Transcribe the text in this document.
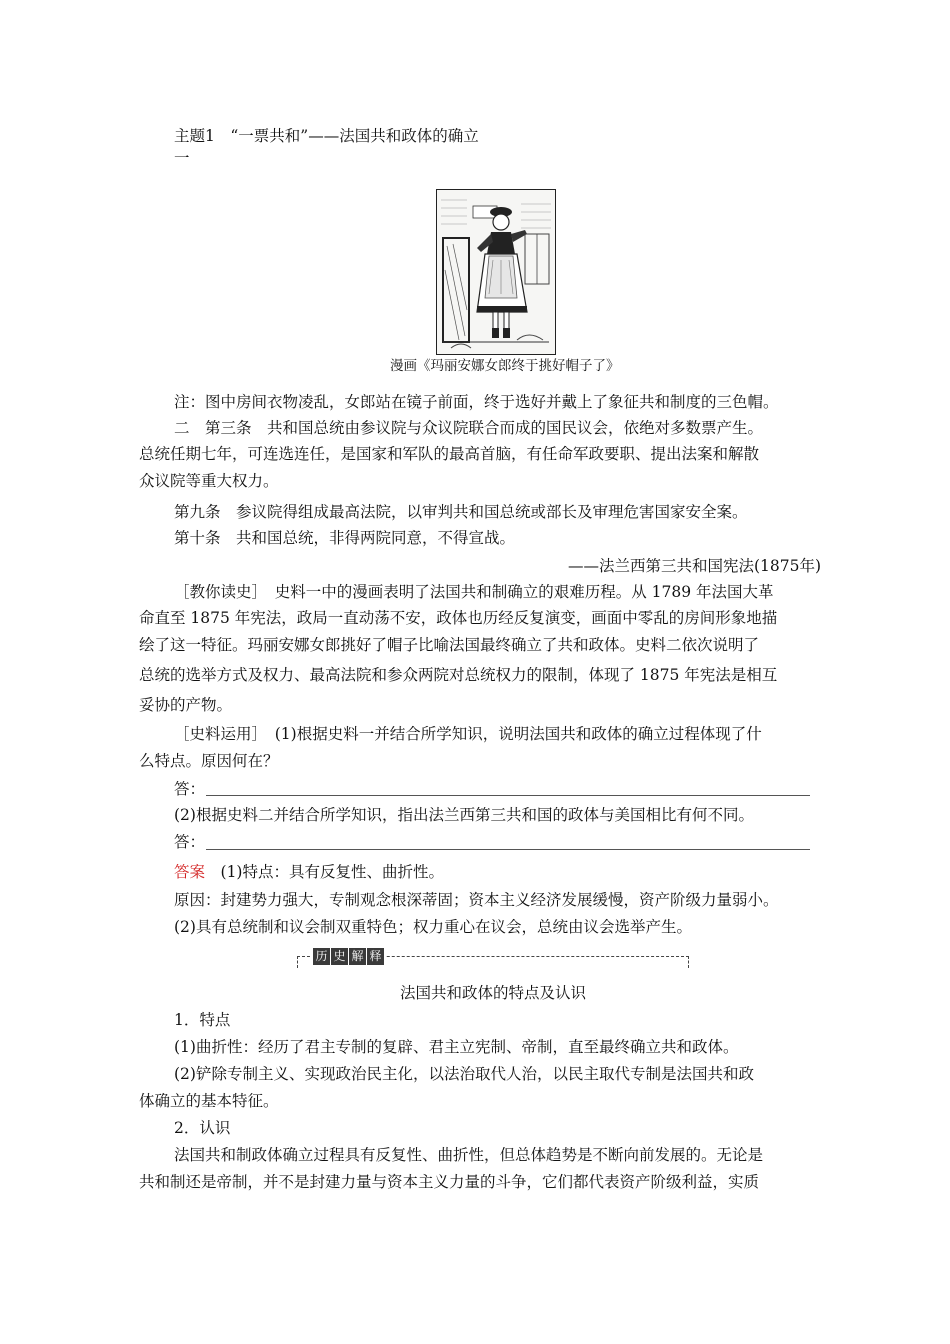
主题1　“一票共和”——法国共和政体的确立
一
漫画《玛丽安娜女郎终于挑好帽子了》
注：图中房间衣物凌乱，女郎站在镜子前面，终于选好并戴上了象征共和制度的三色帽。
二　第三条　共和国总统由参议院与众议院联合而成的国民议会，依绝对多数票产生。
总统任期七年，可连选连任，是国家和军队的最高首脑，有任命军政要职、提出法案和解散
众议院等重大权力。
第九条　参议院得组成最高法院，以审判共和国总统或部长及审理危害国家安全案。
第十条　共和国总统，非得两院同意，不得宣战。
——法兰西第三共和国宪法(1875年)
［教你读史］　史料一中的漫画表明了法国共和制确立的艰难历程。从 1789 年法国大革
命直至 1875 年宪法，政局一直动荡不安，政体也历经反复演变，画面中零乱的房间形象地描
绘了这一特征。玛丽安娜女郎挑好了帽子比喻法国最终确立了共和政体。史料二依次说明了
总统的选举方式及权力、最高法院和参众两院对总统权力的限制，体现了 1875 年宪法是相互
妥协的产物。
［史料运用］　(1)根据史料一并结合所学知识，说明法国共和政体的确立过程体现了什
么特点。原因何在？
答：
(2)根据史料二并结合所学知识，指出法兰西第三共和国的政体与美国相比有何不同。
答：
答案　(1)特点：具有反复性、曲折性。
原因：封建势力强大，专制观念根深蒂固；资本主义经济发展缓慢，资产阶级力量弱小。
(2)具有总统制和议会制双重特色；权力重心在议会，总统由议会选举产生。
历 史 解 释
法国共和政体的特点及认识
1．特点
(1)曲折性：经历了君主专制的复辟、君主立宪制、帝制，直至最终确立共和政体。
(2)铲除专制主义、实现政治民主化，以法治取代人治，以民主取代专制是法国共和政
体确立的基本特征。
2．认识
法国共和制政体确立过程具有反复性、曲折性，但总体趋势是不断向前发展的。无论是
共和制还是帝制，并不是封建力量与资本主义力量的斗争，它们都代表资产阶级利益，实质
